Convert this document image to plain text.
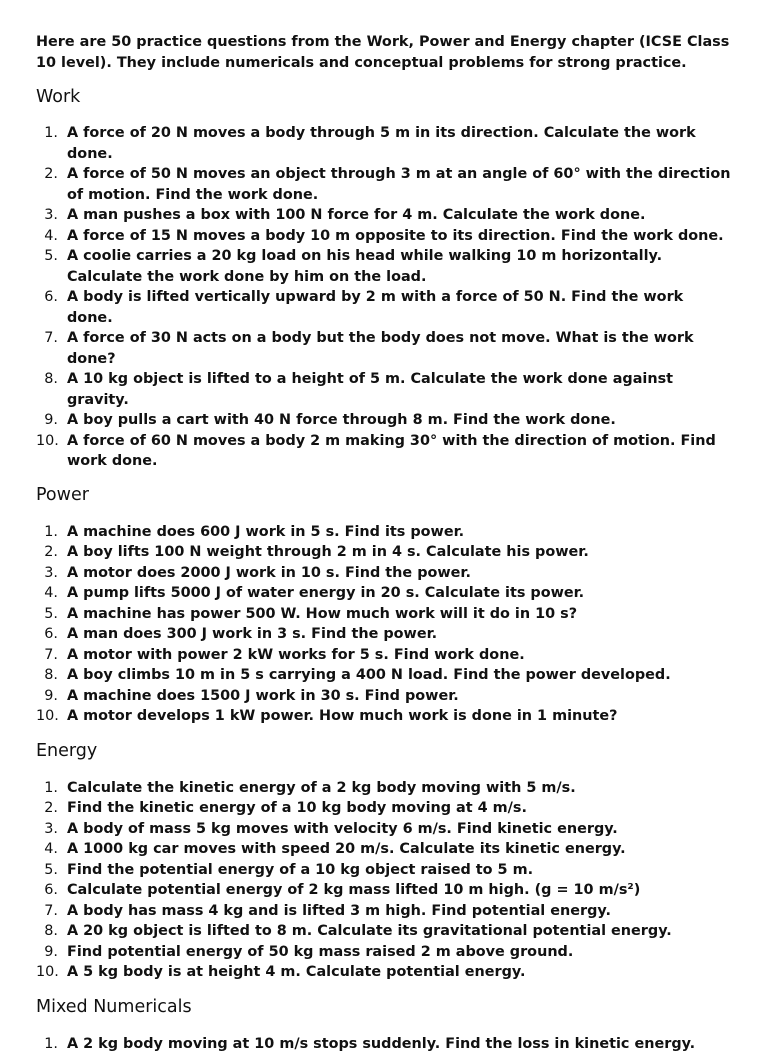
Here are 50 practice questions from the Work, Power and Energy chapter (ICSE Class 10 level). They include numericals and conceptual problems for strong practice.

Work
1. A force of 20 N moves a body through 5 m in its direction. Calculate the work done.
2. A force of 50 N moves an object through 3 m at an angle of 60° with the direction of motion. Find the work done.
3. A man pushes a box with 100 N force for 4 m. Calculate the work done.
4. A force of 15 N moves a body 10 m opposite to its direction. Find the work done.
5. A coolie carries a 20 kg load on his head while walking 10 m horizontally. Calculate the work done by him on the load.
6. A body is lifted vertically upward by 2 m with a force of 50 N. Find the work done.
7. A force of 30 N acts on a body but the body does not move. What is the work done?
8. A 10 kg object is lifted to a height of 5 m. Calculate the work done against gravity.
9. A boy pulls a cart with 40 N force through 8 m. Find the work done.
10. A force of 60 N moves a body 2 m making 30° with the direction of motion. Find work done.
Power
1. A machine does 600 J work in 5 s. Find its power.
2. A boy lifts 100 N weight through 2 m in 4 s. Calculate his power.
3. A motor does 2000 J work in 10 s. Find the power.
4. A pump lifts 5000 J of water energy in 20 s. Calculate its power.
5. A machine has power 500 W. How much work will it do in 10 s?
6. A man does 300 J work in 3 s. Find the power.
7. A motor with power 2 kW works for 5 s. Find work done.
8. A boy climbs 10 m in 5 s carrying a 400 N load. Find the power developed.
9. A machine does 1500 J work in 30 s. Find power.
10. A motor develops 1 kW power. How much work is done in 1 minute?
Energy
1. Calculate the kinetic energy of a 2 kg body moving with 5 m/s.
2. Find the kinetic energy of a 10 kg body moving at 4 m/s.
3. A body of mass 5 kg moves with velocity 6 m/s. Find kinetic energy.
4. A 1000 kg car moves with speed 20 m/s. Calculate its kinetic energy.
5. Find the potential energy of a 10 kg object raised to 5 m.
6. Calculate potential energy of 2 kg mass lifted 10 m high. (g = 10 m/s²)
7. A body has mass 4 kg and is lifted 3 m high. Find potential energy.
8. A 20 kg object is lifted to 8 m. Calculate its gravitational potential energy.
9. Find potential energy of 50 kg mass raised 2 m above ground.
10. A 5 kg body is at height 4 m. Calculate potential energy.
Mixed Numericals
1. A 2 kg body moving at 10 m/s stops suddenly. Find the loss in kinetic energy.
